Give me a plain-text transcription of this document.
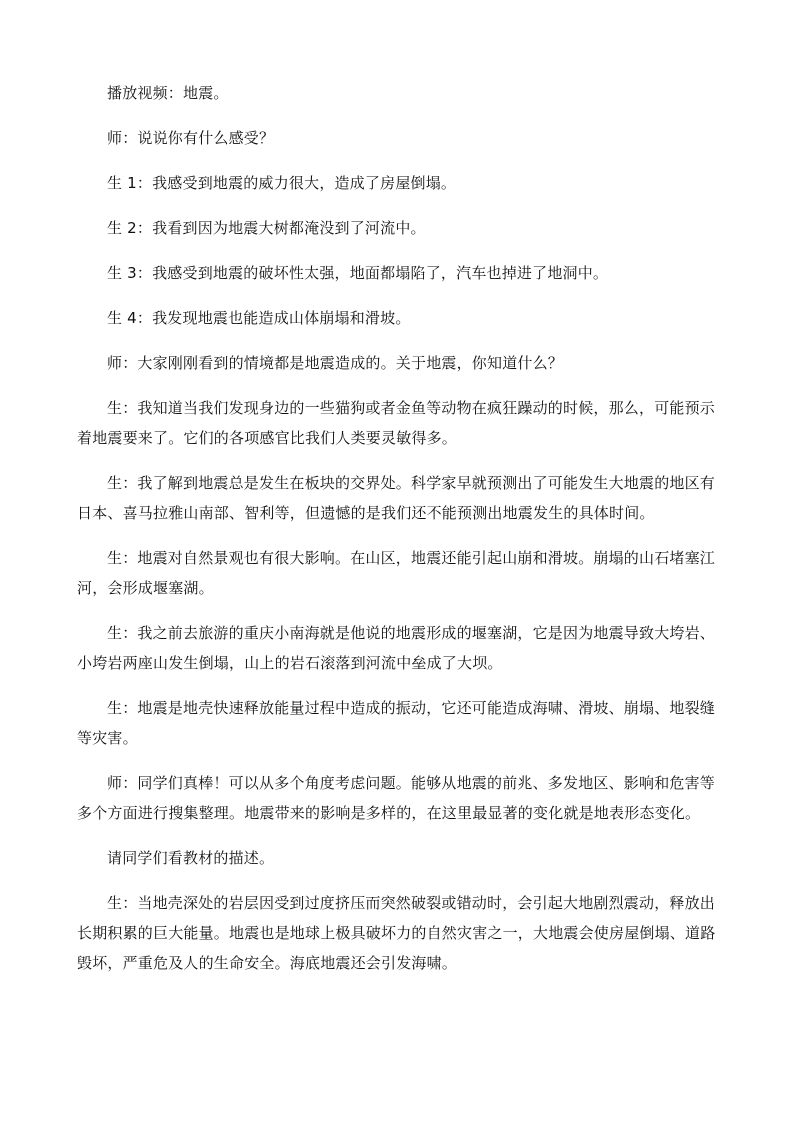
播放视频：地震。

师：说说你有什么感受？

生 1：我感受到地震的威力很大，造成了房屋倒塌。

生 2：我看到因为地震大树都淹没到了河流中。

生 3：我感受到地震的破坏性太强，地面都塌陷了，汽车也掉进了地洞中。

生 4：我发现地震也能造成山体崩塌和滑坡。

师：大家刚刚看到的情境都是地震造成的。关于地震，你知道什么？

生：我知道当我们发现身边的一些猫狗或者金鱼等动物在疯狂躁动的时候，那么，可能预示着地震要来了。它们的各项感官比我们人类要灵敏得多。

生：我了解到地震总是发生在板块的交界处。科学家早就预测出了可能发生大地震的地区有日本、喜马拉雅山南部、智利等，但遗憾的是我们还不能预测出地震发生的具体时间。

生：地震对自然景观也有很大影响。在山区，地震还能引起山崩和滑坡。崩塌的山石堵塞江河，会形成堰塞湖。

生：我之前去旅游的重庆小南海就是他说的地震形成的堰塞湖，它是因为地震导致大垮岩、小垮岩两座山发生倒塌，山上的岩石滚落到河流中垒成了大坝。

生：地震是地壳快速释放能量过程中造成的振动，它还可能造成海啸、滑坡、崩塌、地裂缝等灾害。

师：同学们真棒！可以从多个角度考虑问题。能够从地震的前兆、多发地区、影响和危害等多个方面进行搜集整理。地震带来的影响是多样的，在这里最显著的变化就是地表形态变化。

请同学们看教材的描述。

生：当地壳深处的岩层因受到过度挤压而突然破裂或错动时，会引起大地剧烈震动，释放出长期积累的巨大能量。地震也是地球上极具破坏力的自然灾害之一，大地震会使房屋倒塌、道路毁坏，严重危及人的生命安全。海底地震还会引发海啸。
